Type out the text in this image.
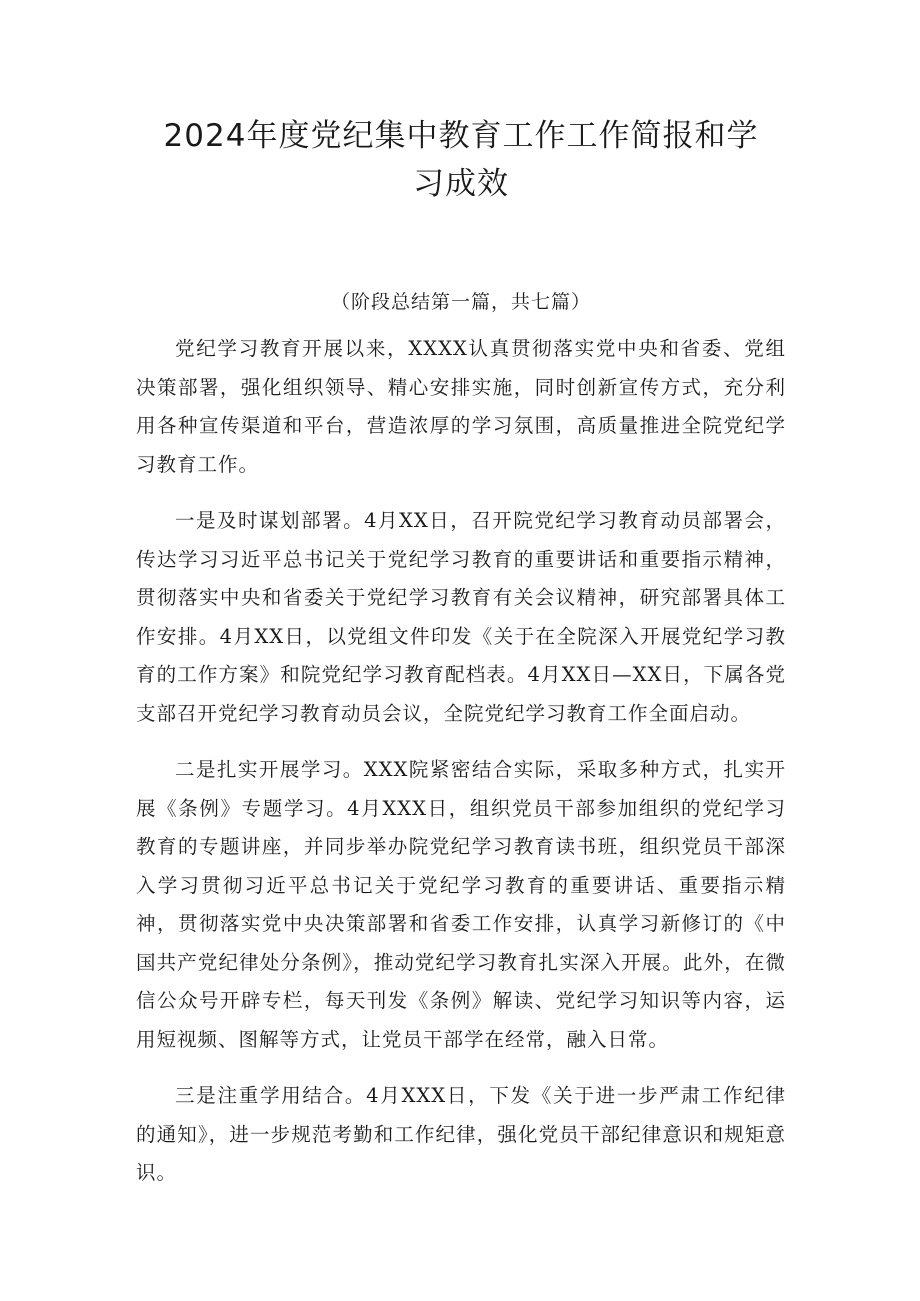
2024年度党纪集中教育工作工作简报和学习成效
（阶段总结第一篇，共七篇）

党纪学习教育开展以来，XXXX认真贯彻落实党中央和省委、党组决策部署，强化组织领导、精心安排实施，同时创新宣传方式，充分利用各种宣传渠道和平台，营造浓厚的学习氛围，高质量推进全院党纪学习教育工作。

一是及时谋划部署。4月XX日，召开院党纪学习教育动员部署会，传达学习习近平总书记关于党纪学习教育的重要讲话和重要指示精神，贯彻落实中央和省委关于党纪学习教育有关会议精神，研究部署具体工作安排。4月XX日，以党组文件印发《关于在全院深入开展党纪学习教育的工作方案》和院党纪学习教育配档表。4月XX日—XX日，下属各党支部召开党纪学习教育动员会议，全院党纪学习教育工作全面启动。

二是扎实开展学习。XXX院紧密结合实际，采取多种方式，扎实开展《条例》专题学习。4月XXX日，组织党员干部参加组织的党纪学习教育的专题讲座，并同步举办院党纪学习教育读书班，组织党员干部深入学习贯彻习近平总书记关于党纪学习教育的重要讲话、重要指示精神，贯彻落实党中央决策部署和省委工作安排，认真学习新修订的《中国共产党纪律处分条例》，推动党纪学习教育扎实深入开展。此外，在微信公众号开辟专栏，每天刊发《条例》解读、党纪学习知识等内容，运用短视频、图解等方式，让党员干部学在经常，融入日常。

三是注重学用结合。4月XXX日，下发《关于进一步严肃工作纪律的通知》，进一步规范考勤和工作纪律，强化党员干部纪律意识和规矩意识。
